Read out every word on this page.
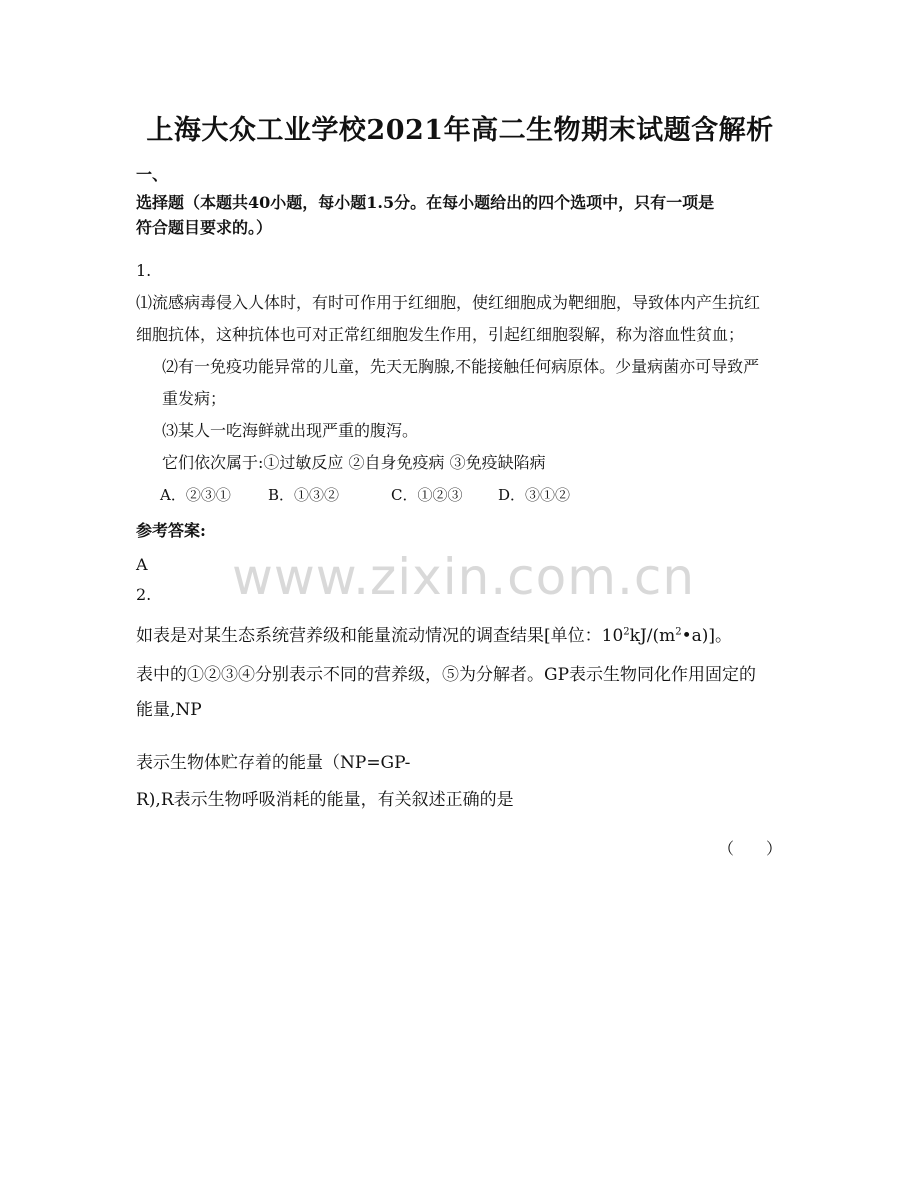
上海大众工业学校2021年高二生物期末试题含解析
一、
选择题（本题共40小题，每小题1.5分。在每小题给出的四个选项中，只有一项是
符合题目要求的。）
1.
⑴流感病毒侵入人体时，有时可作用于红细胞，使红细胞成为靶细胞，导致体内产生抗红
细胞抗体，这种抗体也可对正常红细胞发生作用，引起红细胞裂解，称为溶血性贫血；
⑵有一免疫功能异常的儿童，先天无胸腺,不能接触任何病原体。少量病菌亦可导致严
重发病；
⑶某人一吃海鲜就出现严重的腹泻。
它们依次属于:①过敏反应 ②自身免疫病 ③免疫缺陷病
A．②③① B．①③②	C．①②③ D．③①②
参考答案:
A www.zixin.com.cn
2.
如表是对某生态系统营养级和能量流动情况的调查结果[单位：$10^2kJ/(m^2•a)$]。
表中的①②③④分别表示不同的营养级，⑤为分解者。GP表示生物同化作用固定的
能量,NP
表示生物体贮存着的能量（NP=GP-
R),R表示生物呼吸消耗的能量，有关叙述正确的是
（　　）
